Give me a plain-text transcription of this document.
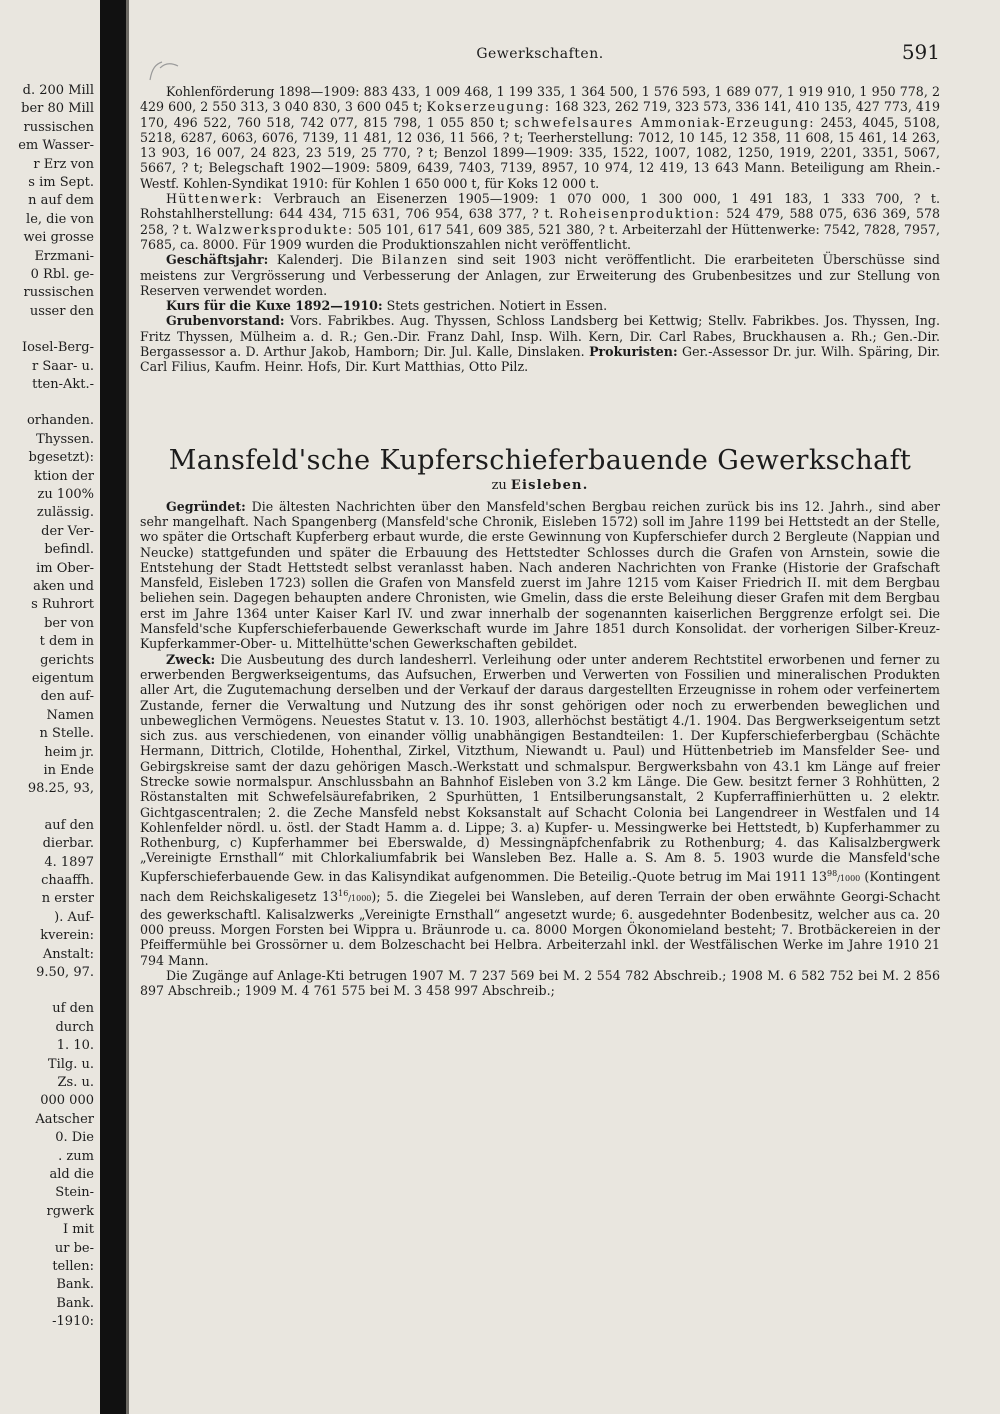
d. 200 Mill
ber 80 Mill
russischen
em Wasser-
r Erz von
s im Sept.
n auf dem
le, die von
wei grosse
Erzmani-
0 Rbl. ge-
russischen
usser den
Iosel-Berg-
r Saar- u.
tten-Akt.-
orhanden.
Thyssen.
bgesetzt):
ktion der
zu 100%
zulässig.
der Ver-
befindl.
im Ober-
aken und
s Ruhrort
ber von
t dem in
gerichts
eigentum
den auf-
Namen
n Stelle.
heim jr.
in Ende
98.25, 93,
auf den
dierbar.
4. 1897
chaaffh.
n erster
). Auf-
kverein:
Anstalt:
9.50, 97.
uf den
durch
1. 10.
Tilg. u.
Zs. u.
000 000
Aatscher
0. Die
. zum
ald die
Stein-
rgwerk
I mit
ur be-
tellen:
Bank.
Bank.
-1910:
Gewerkschaften.	591

Kohlenförderung 1898—1909: 883 433, 1 009 468, 1 199 335, 1 364 500, 1 576 593, 1 689 077, 1 919 910, 1 950 778, 2 429 600, 2 550 313, 3 040 830, 3 600 045 t; Kokserzeugung: 168 323, 262 719, 323 573, 336 141, 410 135, 427 773, 419 170, 496 522, 760 518, 742 077, 815 798, 1 055 850 t; schwefelsaures Ammoniak-Erzeugung: 2453, 4045, 5108, 5218, 6287, 6063, 6076, 7139, 11 481, 12 036, 11 566, ? t; Teerherstellung: 7012, 10 145, 12 358, 11 608, 15 461, 14 263, 13 903, 16 007, 24 823, 23 519, 25 770, ? t; Benzol 1899—1909: 335, 1522, 1007, 1082, 1250, 1919, 2201, 3351, 5067, 5667, ? t; Belegschaft 1902—1909: 5809, 6439, 7403, 7139, 8957, 10 974, 12 419, 13 643 Mann. Beteiligung am Rhein.-Westf. Kohlen-Syndikat 1910: für Kohlen 1 650 000 t, für Koks 12 000 t.

Hüttenwerk: Verbrauch an Eisenerzen 1905—1909: 1 070 000, 1 300 000, 1 491 183, 1 333 700, ? t. Rohstahlherstellung: 644 434, 715 631, 706 954, 638 377, ? t. Roheisenproduktion: 524 479, 588 075, 636 369, 578 258, ? t. Walzwerksprodukte: 505 101, 617 541, 609 385, 521 380, ? t. Arbeiterzahl der Hüttenwerke: 7542, 7828, 7957, 7685, ca. 8000. Für 1909 wurden die Produktionszahlen nicht veröffentlicht.

Geschäftsjahr: Kalenderj. Die Bilanzen sind seit 1903 nicht veröffentlicht. Die erarbeiteten Überschüsse sind meistens zur Vergrösserung und Verbesserung der Anlagen, zur Erweiterung des Grubenbesitzes und zur Stellung von Reserven verwendet worden.

Kurs für die Kuxe 1892—1910: Stets gestrichen. Notiert in Essen.

Grubenvorstand: Vors. Fabrikbes. Aug. Thyssen, Schloss Landsberg bei Kettwig; Stellv. Fabrikbes. Jos. Thyssen, Ing. Fritz Thyssen, Mülheim a. d. R.; Gen.-Dir. Franz Dahl, Insp. Wilh. Kern, Dir. Carl Rabes, Bruckhausen a. Rh.; Gen.-Dir. Bergassessor a. D. Arthur Jakob, Hamborn; Dir. Jul. Kalle, Dinslaken. Prokuristen: Ger.-Assessor Dr. jur. Wilh. Späring, Dir. Carl Filius, Kaufm. Heinr. Hofs, Dir. Kurt Matthias, Otto Pilz.

Mansfeld'sche Kupferschieferbauende Gewerkschaft
zu Eisleben.

Gegründet: Die ältesten Nachrichten über den Mansfeld'schen Bergbau reichen zurück bis ins 12. Jahrh., sind aber sehr mangelhaft. Nach Spangenberg (Mansfeld'sche Chronik, Eisleben 1572) soll im Jahre 1199 bei Hettstedt an der Stelle, wo später die Ortschaft Kupferberg erbaut wurde, die erste Gewinnung von Kupferschiefer durch 2 Bergleute (Nappian und Neucke) stattgefunden und später die Erbauung des Hettstedter Schlosses durch die Grafen von Arnstein, sowie die Entstehung der Stadt Hettstedt selbst veranlasst haben. Nach anderen Nachrichten von Franke (Historie der Grafschaft Mansfeld, Eisleben 1723) sollen die Grafen von Mansfeld zuerst im Jahre 1215 vom Kaiser Friedrich II. mit dem Bergbau beliehen sein. Dagegen behaupten andere Chronisten, wie Gmelin, dass die erste Beleihung dieser Grafen mit dem Bergbau erst im Jahre 1364 unter Kaiser Karl IV. und zwar innerhalb der sogenannten kaiserlichen Berggrenze erfolgt sei. Die Mansfeld'sche Kupferschieferbauende Gewerkschaft wurde im Jahre 1851 durch Konsolidat. der vorherigen Silber-Kreuz-Kupferkammer-Ober- u. Mittelhütte'schen Gewerkschaften gebildet.

Zweck: Die Ausbeutung des durch landesherrl. Verleihung oder unter anderem Rechtstitel erworbenen und ferner zu erwerbenden Bergwerkseigentums, das Aufsuchen, Erwerben und Verwerten von Fossilien und mineralischen Produkten aller Art, die Zugutemachung derselben und der Verkauf der daraus dargestellten Erzeugnisse in rohem oder verfeinertem Zustande, ferner die Verwaltung und Nutzung des ihr sonst gehörigen oder noch zu erwerbenden beweglichen und unbeweglichen Vermögens. Neuestes Statut v. 13. 10. 1903, allerhöchst bestätigt 4./1. 1904. Das Bergwerkseigentum setzt sich zus. aus verschiedenen, von einander völlig unabhängigen Bestandteilen: 1. Der Kupferschieferbergbau (Schächte Hermann, Dittrich, Clotilde, Hohenthal, Zirkel, Vitzthum, Niewandt u. Paul) und Hüttenbetrieb im Mansfelder See- und Gebirgskreise samt der dazu gehörigen Masch.-Werkstatt und schmalspur. Bergwerksbahn von 43.1 km Länge auf freier Strecke sowie normalspur. Anschlussbahn an Bahnhof Eisleben von 3.2 km Länge. Die Gew. besitzt ferner 3 Rohhütten, 2 Röstanstalten mit Schwefelsäurefabriken, 2 Spurhütten, 1 Entsilberungsanstalt, 2 Kupferraffinierhütten u. 2 elektr. Gichtgascentralen; 2. die Zeche Mansfeld nebst Koksanstalt auf Schacht Colonia bei Langendreer in Westfalen und 14 Kohlenfelder nördl. u. östl. der Stadt Hamm a. d. Lippe; 3. a) Kupfer- u. Messingwerke bei Hettstedt, b) Kupferhammer zu Rothenburg, c) Kupferhammer bei Eberswalde, d) Messingnäpfchenfabrik zu Rothenburg; 4. das Kalisalzbergwerk „Vereinigte Ernsthall“ mit Chlorkaliumfabrik bei Wansleben Bez. Halle a. S. Am 8. 5. 1903 wurde die Mansfeld'sche Kupferschieferbauende Gew. in das Kalisyndikat aufgenommen. Die Beteilig.-Quote betrug im Mai 1911 $13^{98}/1000$ (Kontingent nach dem Reichskaligesetz $13^{16}/1000$); 5. die Ziegelei bei Wansleben, auf deren Terrain der oben erwähnte Georgi-Schacht des gewerkschaftl. Kalisalzwerks „Vereinigte Ernsthall“ angesetzt wurde; 6. ausgedehnter Bodenbesitz, welcher aus ca. 20 000 preuss. Morgen Forsten bei Wippra u. Bräunrode u. ca. 8000 Morgen Ökonomieland besteht; 7. Brotbäckereien in der Pfeiffermühle bei Grossörner u. dem Bolzeschacht bei Helbra. Arbeiterzahl inkl. der Westfälischen Werke im Jahre 1910 21 794 Mann.

Die Zugänge auf Anlage-Kti betrugen 1907 M. 7 237 569 bei M. 2 554 782 Abschreib.; 1908 M. 6 582 752 bei M. 2 856 897 Abschreib.; 1909 M. 4 761 575 bei M. 3 458 997 Abschreib.;
